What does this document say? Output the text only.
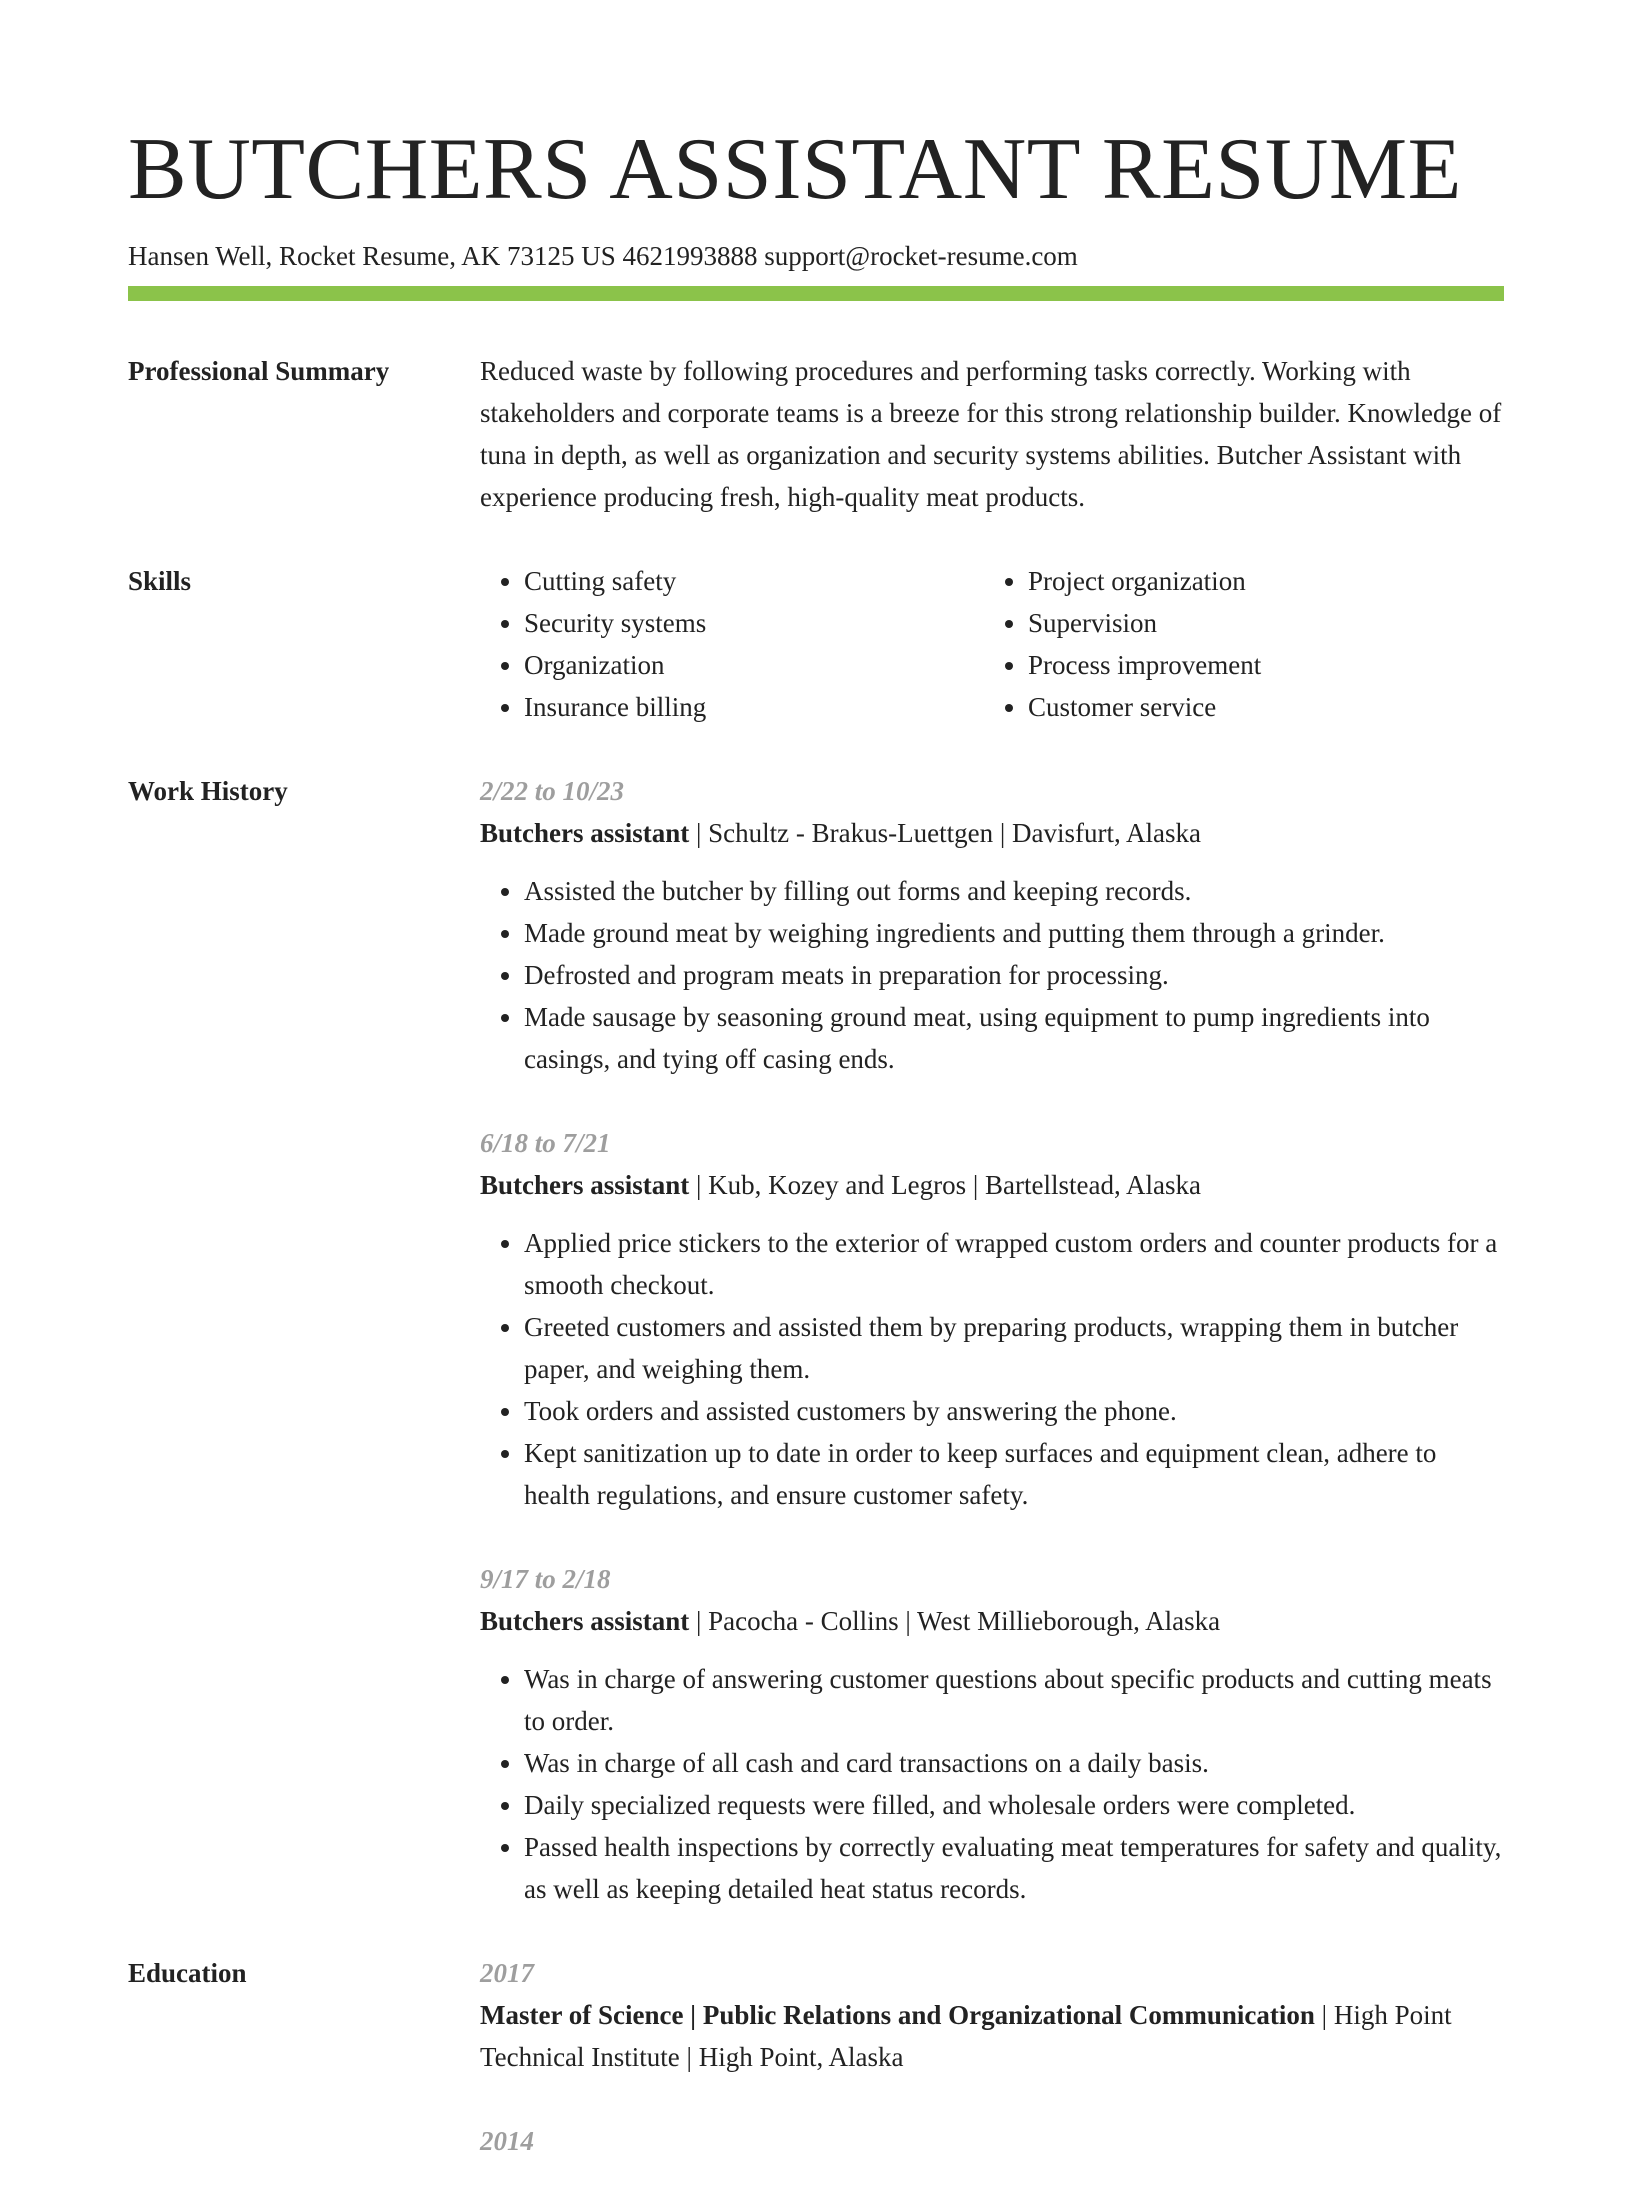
BUTCHERS ASSISTANT RESUME
Hansen Well, Rocket Resume, AK 73125 US 4621993888 support@rocket-resume.com
Professional Summary	Reduced waste by following procedures and performing tasks correctly. Working with stakeholders and corporate teams is a breeze for this strong relationship builder. Knowledge of tuna in depth, as well as organization and security systems abilities. Butcher Assistant with experience producing fresh, high-quality meat products.

Skills
•	Cutting safety
• Security systems
• Organization
• Insurance billing
• Project organization
• Supervision
• Process improvement
• Customer service
Work History	2/22 to 10/23
Butchers assistant | Schultz - Brakus-Luettgen | Davisfurt, Alaska
• Assisted the butcher by filling out forms and keeping records.
• Made ground meat by weighing ingredients and putting them through a grinder.
• Defrosted and program meats in preparation for processing.
• Made sausage by seasoning ground meat, using equipment to pump ingredients into casings, and tying off casing ends.
6/18 to 7/21
Butchers assistant | Kub, Kozey and Legros | Bartellstead, Alaska
• Applied price stickers to the exterior of wrapped custom orders and counter products for a smooth checkout.
• Greeted customers and assisted them by preparing products, wrapping them in butcher paper, and weighing them.
• Took orders and assisted customers by answering the phone.
• Kept sanitization up to date in order to keep surfaces and equipment clean, adhere to health regulations, and ensure customer safety.
9/17 to 2/18
Butchers assistant | Pacocha - Collins | West Millieborough, Alaska
• Was in charge of answering customer questions about specific products and cutting meats to order.
• Was in charge of all cash and card transactions on a daily basis.
• Daily specialized requests were filled, and wholesale orders were completed.
• Passed health inspections by correctly evaluating meat temperatures for safety and quality, as well as keeping detailed heat status records.
Education	2017
Master of Science | Public Relations and Organizational Communication | High Point Technical Institute | High Point, Alaska
2014
